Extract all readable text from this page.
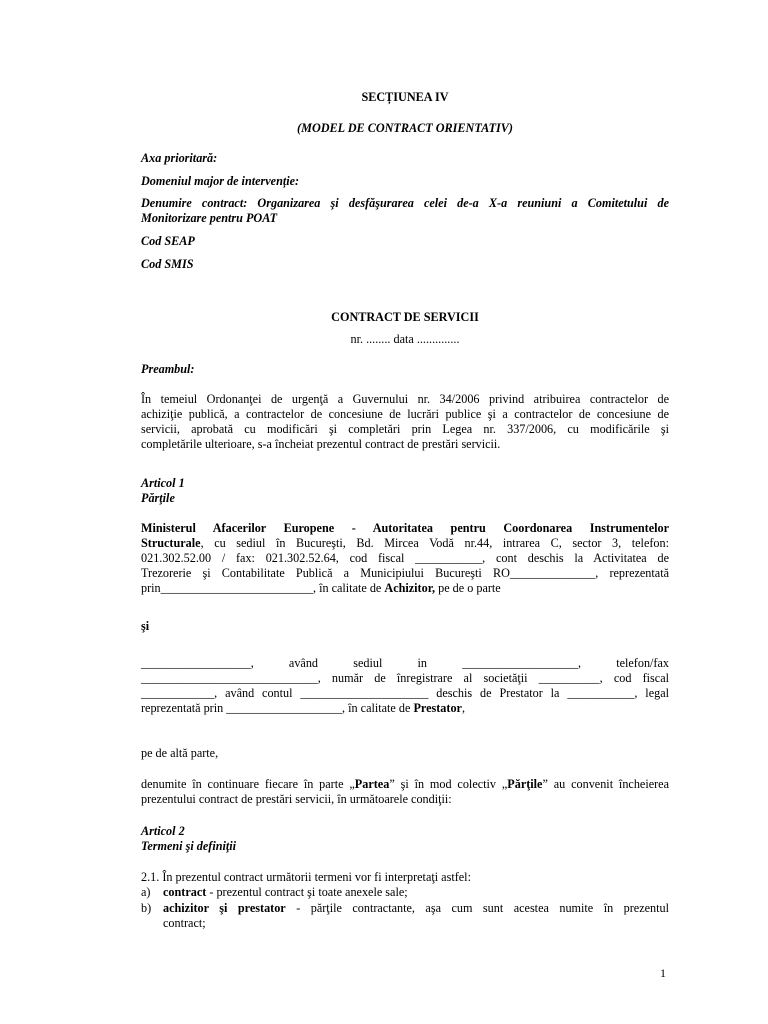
SECȚIUNEA IV
(MODEL DE CONTRACT ORIENTATIV)
Axa prioritară:
Domeniul major de intervenție:
Denumire contract: Organizarea şi desfăşurarea celei de-a X-a reuniuni a Comitetului de
Monitorizare pentru POAT
Cod SEAP
Cod SMIS
CONTRACT DE SERVICII
nr. ........ data ..............
Preambul:
În temeiul Ordonanţei de urgenţă a Guvernului nr. 34/2006 privind atribuirea contractelor de
achiziţie publică, a contractelor de concesiune de lucrări publice şi a contractelor de concesiune de
servicii, aprobată cu modificări şi completări prin Legea nr. 337/2006, cu modificările şi
completările ulterioare, s-a încheiat prezentul contract de prestări servicii.
Articol 1
Părţile
Ministerul Afacerilor Europene - Autoritatea pentru Coordonarea Instrumentelor
Structurale, cu sediul în Bucureşti, Bd. Mircea Vodă nr.44, intrarea C, sector 3, telefon:
021.302.52.00 / fax: 021.302.52.64, cod fiscal ___________, cont deschis la Activitatea de
Trezorerie şi Contabilitate Publică a Municipiului Bucureşti RO______________, reprezentată
prin_________________________, în calitate de Achizitor, pe de o parte
şi
__________________, având sediul in ___________________, telefon/fax
_____________________________, număr de înregistrare al societăţii __________, cod fiscal
____________, având contul _____________________ deschis de Prestator la ___________, legal
reprezentată prin ___________________, în calitate de Prestator,
pe de altă parte,
denumite în continuare fiecare în parte „Partea” şi în mod colectiv „Părţile” au convenit încheierea
prezentului contract de prestări servicii, în următoarele condiţii:
Articol 2
Termeni şi definiţii
2.1. În prezentul contract următorii termeni vor fi interpretaţi astfel:
a) contract - prezentul contract şi toate anexele sale;
b) achizitor şi prestator - părţile contractante, aşa cum sunt acestea numite în prezentul
contract;
1
